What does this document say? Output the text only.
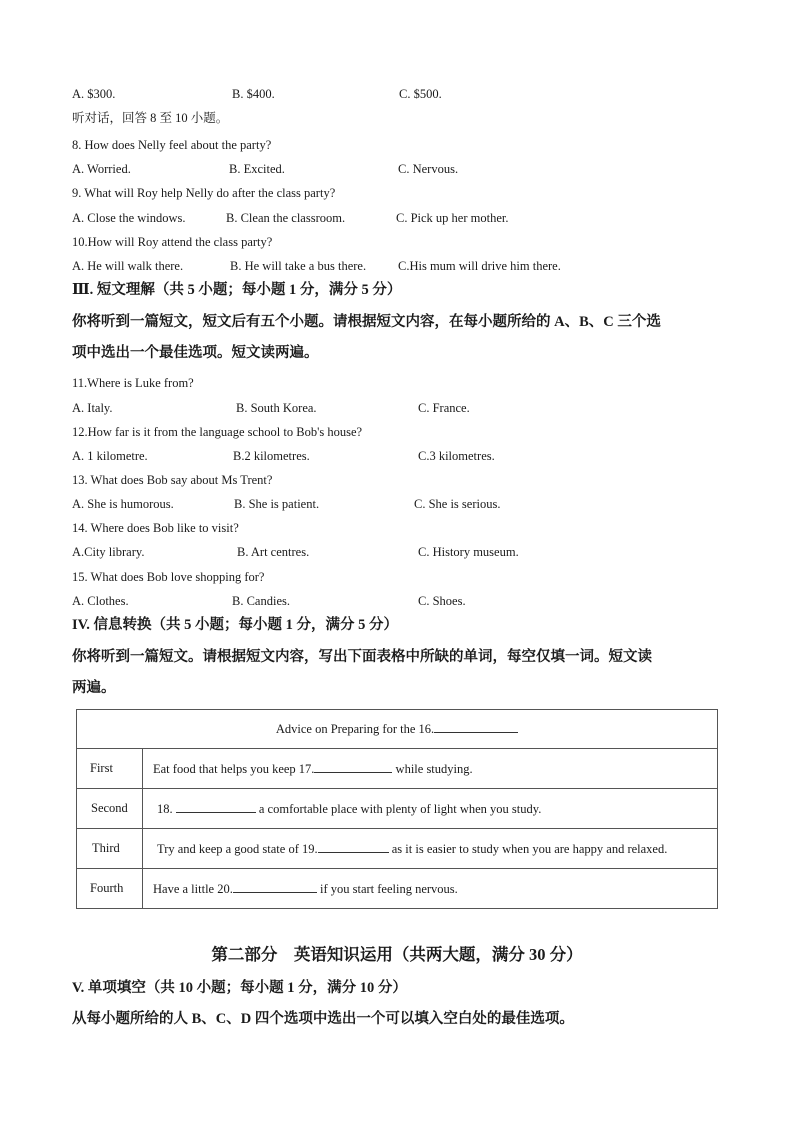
A. $300.	B. $400.	C. $500.
听对话，回答 8 至 10 小题。
8. How does Nelly feel about the party?
A. Worried.	B. Excited.	C. Nervous.
9. What will Roy help Nelly do after the class party?
A. Close the windows.	B. Clean the classroom.	C. Pick up her mother.
10.How will Roy attend the class party?
A. He will walk there.	B. He will take a bus there.	C.His mum will drive him there.
Ⅲ. 短文理解（共 5 小题；每小题 1 分，满分 5 分）
你将听到一篇短文，短文后有五个小题。请根据短文内容，在每小题所给的 A、B、C 三个选
项中选出一个最佳选项。短文读两遍。
11.Where is Luke from?
A. Italy.	B. South Korea.	C. France.
12.How far is it from the language school to Bob's house?
A. 1 kilometre.	B.2 kilometres.	C.3 kilometres.
13. What does Bob say about Ms Trent?
A. She is humorous.	B. She is patient.	C. She is serious.
14. Where does Bob like to visit?
A.City library.	B. Art centres.	C. History museum.
15. What does Bob love shopping for?
A. Clothes.	B. Candies.	C. Shoes.
IV. 信息转换（共 5 小题；每小题 1 分，满分 5 分）
你将听到一篇短文。请根据短文内容，写出下面表格中所缺的单词，每空仅填一词。短文读
两遍。
Advice on Preparing for the 16.	
First	Eat food that helps you keep 17. while studying.
Second	18. a comfortable place with plenty of light when you study.
Third	Try and keep a good state of 19. as it is easier to study when you are happy and relaxed.
Fourth	Have a little 20. if you start feeling nervous.
第二部分　英语知识运用（共两大题，满分 30 分）
V. 单项填空（共 10 小题；每小题 1 分，满分 10 分）
从每小题所给的人 B、C、D 四个选项中选出一个可以填入空白处的最佳选项。
